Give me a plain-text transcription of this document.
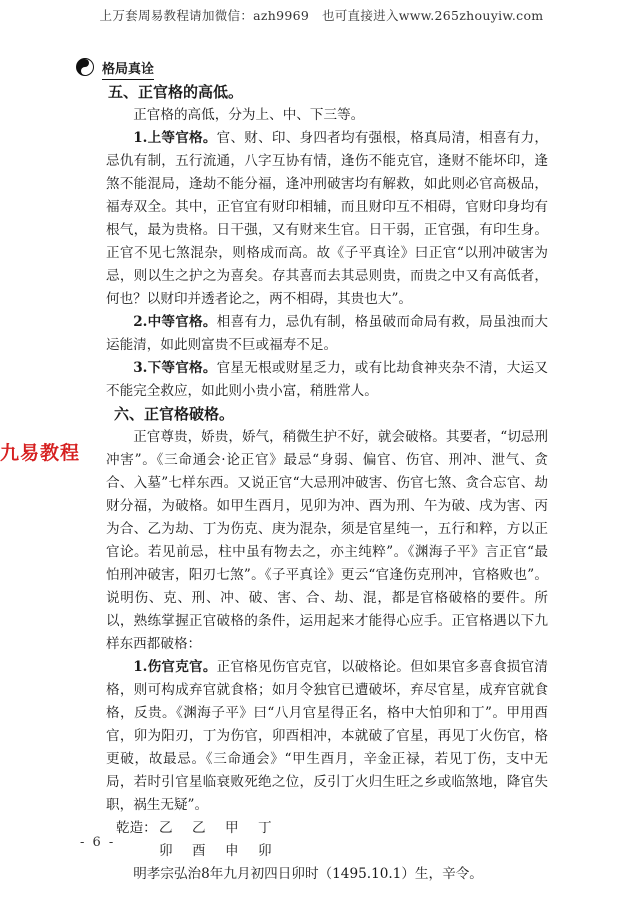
上万套周易教程请加微信：azh9969　也可直接进入www.265zhouyiw.com
格局真诠

五、正官格的高低。

正官格的高低，分为上、中、下三等。

1.上等官格。官、财、印、身四者均有强根，格真局清，相喜有力，忌仇有制，五行流通，八字互协有情，逢伤不能克官，逢财不能坏印，逢煞不能混局，逢劫不能分福，逢冲刑破害均有解救，如此则必官高极品，福寿双全。其中，正官宜有财印相辅，而且财印互不相碍，官财印身均有根气，最为贵格。日干强，又有财来生官。日干弱，正官强，有印生身。正官不见七煞混杂，则格成而高。故《子平真诠》曰正官“以刑冲破害为忌，则以生之护之为喜矣。存其喜而去其忌则贵，而贵之中又有高低者，何也？以财印并透者论之，两不相碍，其贵也大”。

2.中等官格。相喜有力，忌仇有制，格虽破而命局有救，局虽浊而大运能清，如此则富贵不巨或福寿不足。

3.下等官格。官星无根或财星乏力，或有比劫食神夹杂不清，大运又不能完全救应，如此则小贵小富，稍胜常人。

六、正官格破格。

正官尊贵，娇贵，娇气，稍微生护不好，就会破格。其要者，“切忌刑冲害”。《三命通会·论正官》最忌“身弱、偏官、伤官、刑冲、泄气、贪合、入墓”七样东西。又说正官“大忌刑冲破害、伤官七煞、贪合忘官、劫财分福，为破格。如甲生酉月，见卯为冲、酉为刑、午为破、戌为害、丙为合、乙为劫、丁为伤克、庚为混杂，须是官星纯一，五行和粹，方以正官论。若见前忌，柱中虽有物去之，亦主纯粹”。《渊海子平》言正官“最怕刑冲破害，阳刃七煞”。《子平真诠》更云“官逢伤克刑冲，官格败也”。说明伤、克、刑、冲、破、害、合、劫、混，都是官格破格的要件。所以，熟练掌握正官破格的条件，运用起来才能得心应手。正官格遇以下九样东西都破格：

1.伤官克官。正官格见伤官克官，以破格论。但如果官多喜食损官清格，则可构成弃官就食格；如月令独官已遭破坏，弃尽官星，成弃官就食格，反贵。《渊海子平》曰“八月官星得正名，格中大怕卯和丁”。甲用酉官，卯为阳刃，丁为伤官，卯酉相冲，本就破了官星，再见丁火伤官，格更破，故最忌。《三命通会》“甲生酉月，辛金正禄，若见丁伤，支中无局，若时引官星临衰败死绝之位，反引丁火归生旺之乡或临煞地，降官失职，祸生无疑”。

乾造： 乙 乙 甲 丁

卯 酉 申 卯

明孝宗弘治8年九月初四日卯时（1495.10.1）生，辛令。

九易教程
- 6 -
